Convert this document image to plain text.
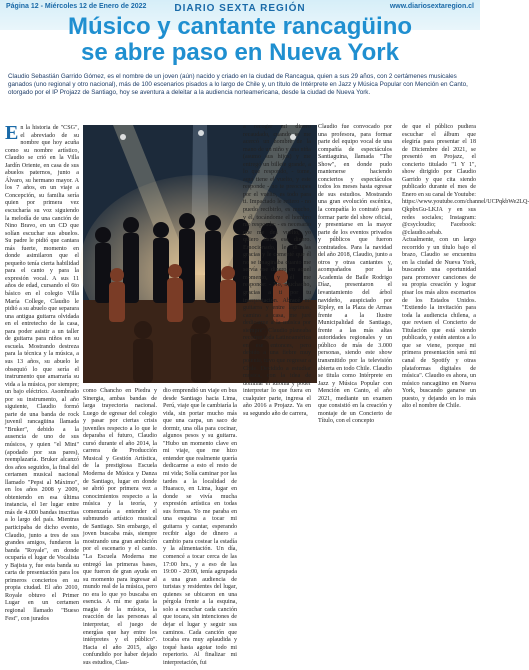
Página 12 - Miércoles 12 de Enero de 2022	DIARIO SEXTA REGIÓN	www.diariosextaregion.cl
Músico y cantante rancagüino
se abre paso en Nueva York
Claudio Sebastián Garrido Gómez, es el nombre de un joven (aún) nacido y criado en la ciudad de Rancagua, quien a sus 29 años, con 2 certámenes musicales ganados (uno regional y otro nacional), más de 100 escenarios pisados a lo largo de Chile y, un título de Intérprete en Jazz y Música Popular con Mención en Canto, otorgado por el IP Projazz de Santiago, hoy se aventura a deleitar a la audiencia norteamericana, desde la ciudad de Nueva York.
En la historia de "CSG", el abreviado de su nombre que hoy acuña como su nombre artístico, Claudio se crió en la Villa Jardín Oriente, en casa de sus abuelos paternos, junto a Álvaro, su hermano mayor. A los 7 años, en un viaje a Concepción, su familia sería quien por primera vez escucharía su voz siguiendo la melodía de una canción de Nino Bravo, en un CD que solían escuchar sus abuelos. Su padre le pidió que cantara más fuerte, momento en donde asimilaron que el pequeño tenía cierta habilidad para el canto y para la expresión vocal. A sus 11 años de edad, cursando el 6to básico en el colegio Villa María College, Claudio le pidió a su abuelo que separara una antigua guitarra olvidada en el entretecho de la casa, para poder asistir a un taller de guitarra para niños en su escuela. Mostrando destreza para la técnica y la música, a sus 13 años, su abuelo le obsequió lo que sería el instrumento que amarraría su vida a la música, por siempre; un bajo eléctrico. Asombrado por su instrumento, al año siguiente, Claudio formó parte de una banda de rock juvenil rancagüina llamada "Bruker", debido a la ausencia de uno de sus músicos, y quien "el Mini" (apodado por sus pares), reemplazaría. Bruker alcanzó dos años seguidos, la final del certamen musical nacional llamado "Pepsi al Máximo", en los años 2008 y 2009, obteniendo en esa última instancia, el 1er lugar entre más de 4.000 bandas inscritas a lo largo del país. Mientras participaba de dicho evento, Claudio, junto a tres de sus grandes amigos, fundaron la banda "Royale", en donde ocuparía el lugar de Vocalista y Bajista y, fue esta banda su carta de presentación para los primeros conciertos en su propia ciudad. El año 2010, Royale obtuvo el Primer Lugar en un certamen regional llamado "Bueso Fest", con jurados
como Chancho en Piedra y Sinergia, ambas bandas de larga trayectoria nacional. Luego de egresar del colegio y pasar por ciertas crisis juveniles respecto a lo que le deparaba el futuro, Claudio cursó durante el año 2014, la carrera de Producción Musical y Gestión Artística, de la prestigiosa Escuela Moderna de Música y Danza de Santiago, lugar en donde se abrió por primera vez a conocimientos respecto a la música y la teoría, y comenzaría a entender el submundo artístico musical de Santiago. Sin embargo, el joven buscaba más, siempre mostrando una gran ambición por el escenario y el canto. "La Escuela Moderna me entregó las primeras bases, que fueron de gran ayuda en su momento para ingresar al mundo real de la música, pero no era lo que yo buscaba en esencia. A mí me gusta la magia de la música, la reacción de las personas al interpretar, el juego de energías que hay entre los intérpretes y el público". Hacia el año 2015, algo confundido por haber dejado sus estudios, Clau-
dio emprendió un viaje en bus desde Santiago hacia Lima, Perú, viaje que le cambiaría la vida, sin portar mucho más que una carpa, un saco de dormir, una olla para cocinar, algunos pesos y su guitarra. "Hubo un momento clave en mi viaje, que me hizo entender que realmente quería dedicarme a esto el resto de mi vida; Solía caminar por las tardes a la localidad de Huaraco, en Lima, lugar en donde se vivía mucha expresión artística en todas sus formas. Yo me paraba en una esquina a tocar mi guitarra y cantar, esperando recibir algo de dinero a cambio para costear la estadía y la alimentación. Un día, comencé a tocar cerca de las 17:00 hrs., y a eso de las 19:00 - 20:00, tenía agrupada a una gran audiencia de turistas y residentes del lugar, quienes se ubicaron en una pérgola frente a la esquina, solo a escuchar cada canción que tocara, sin intenciones de dejar el lugar y seguir sus caminos. Cada canción que tocaba era muy aplaudida y toqué hasta agotar todo mi repertorio. Al finalizar mi interpretación, fui
a recoger mi dinero recaudado, cuando se me acercó un hombre de la mano de un niño y una niña (asumo sus hijos) y me entregó un billete grande, a lo que respondo, - tome, aquí tiene el vuelto, y este responde - no te preocupes por el vuelto, es todo para ti. Impactado le reitero - no puedo recibirlo, es mucho, y él, tocándome el hombro me responde: - es necesario que me des vuelto, yo quiero darte ese dinero. Emocionado, le di las gracias y le comenté que él no se imaginaba cuanto me servía ese dinero en aquel momento, y él me responde: - No, muchacho, gracias a ti por tu interpretación. Abracé mi guitarra y entre lágrimas, camino a casa, me juré dedicarme a la música por siempre". Claudio planeaba recorrer toda Latinoamérica en ese entonces, pero debido a una fiebre muy potente, tuvo que regresar a Chile. Decidido a estudiar música, con la idea de dominar el idioma y poder interpretar lo que fuera en cualquier parte, ingresa el año 2016 a Projazz. Ya en su segundo año de carrera,
Claudio fue convocado por una profesora, para formar parte del equipo vocal de una compañía de espectáculos Santiaguina, llamada "The Show", en donde pudo mantenerse haciendo conciertos y espectáculos todos los meses hasta egresar de sus estudios. Mostrando una gran evolución escénica, la compañía lo contrató para formar parte del show oficial, y presentarse en la mayor parte de los eventos privados y públicos que fueron contratados. Para la navidad del año 2018, Claudio, junto a otros y otras cantantes y, acompañados por la Academia de Baile Rodrigo Díaz, presentaron el levantamiento del árbol navideño, auspiciado por Ripley, en la Plaza de Armas frente a la Ilustre Municipalidad de Santiago, frente a las más altas autoridades regionales y un público de más de 3.000 personas, siendo este show transmitido por la televisión abierta en todo Chile. Claudio se titula como Intérprete en Jazz y Música Popular con Mención en Canto, el año 2021, mediante un examen que consistió en la creación y montaje de un Concierto de Título, con el concepto
de que el público pudiera escuchar el álbum que elegiría para presentar el 18 de Diciembre del 2021, se presentó en Projazz, el concierto titulado "1 Y 1", show dirigido por Claudio Garrido y que cita siendo publicado durante el mes de Enero en su canal de Youtube: https://www.youtube.com/channel/UCPqkbWe2LQ-QkpbxGu-LKJA y en sus redes sociales; Instagram: @csycloudio; Facebook: @claudio.sebab. Actualmente, con un largo recorrido y un título bajo el brazo, Claudio se encuentra en la ciudad de Nueva York, buscando una oportunidad para promover canciones de su propia creación y lograr pisar los más altos escenarios de los Estados Unidos. "Extiendo la invitación para toda la audiencia chilena, a que revisen el Concierto de Titulación que está siendo publicado, y estén atentos a lo que se viene, porque mi primera presentación será mi canal de Spotify y otras plataformas digitales de música". Claudio es ahora, un músico rancagüino en Nueva York, buscando ganarse un puesto, y dejando en lo más alto el nombre de Chile.
